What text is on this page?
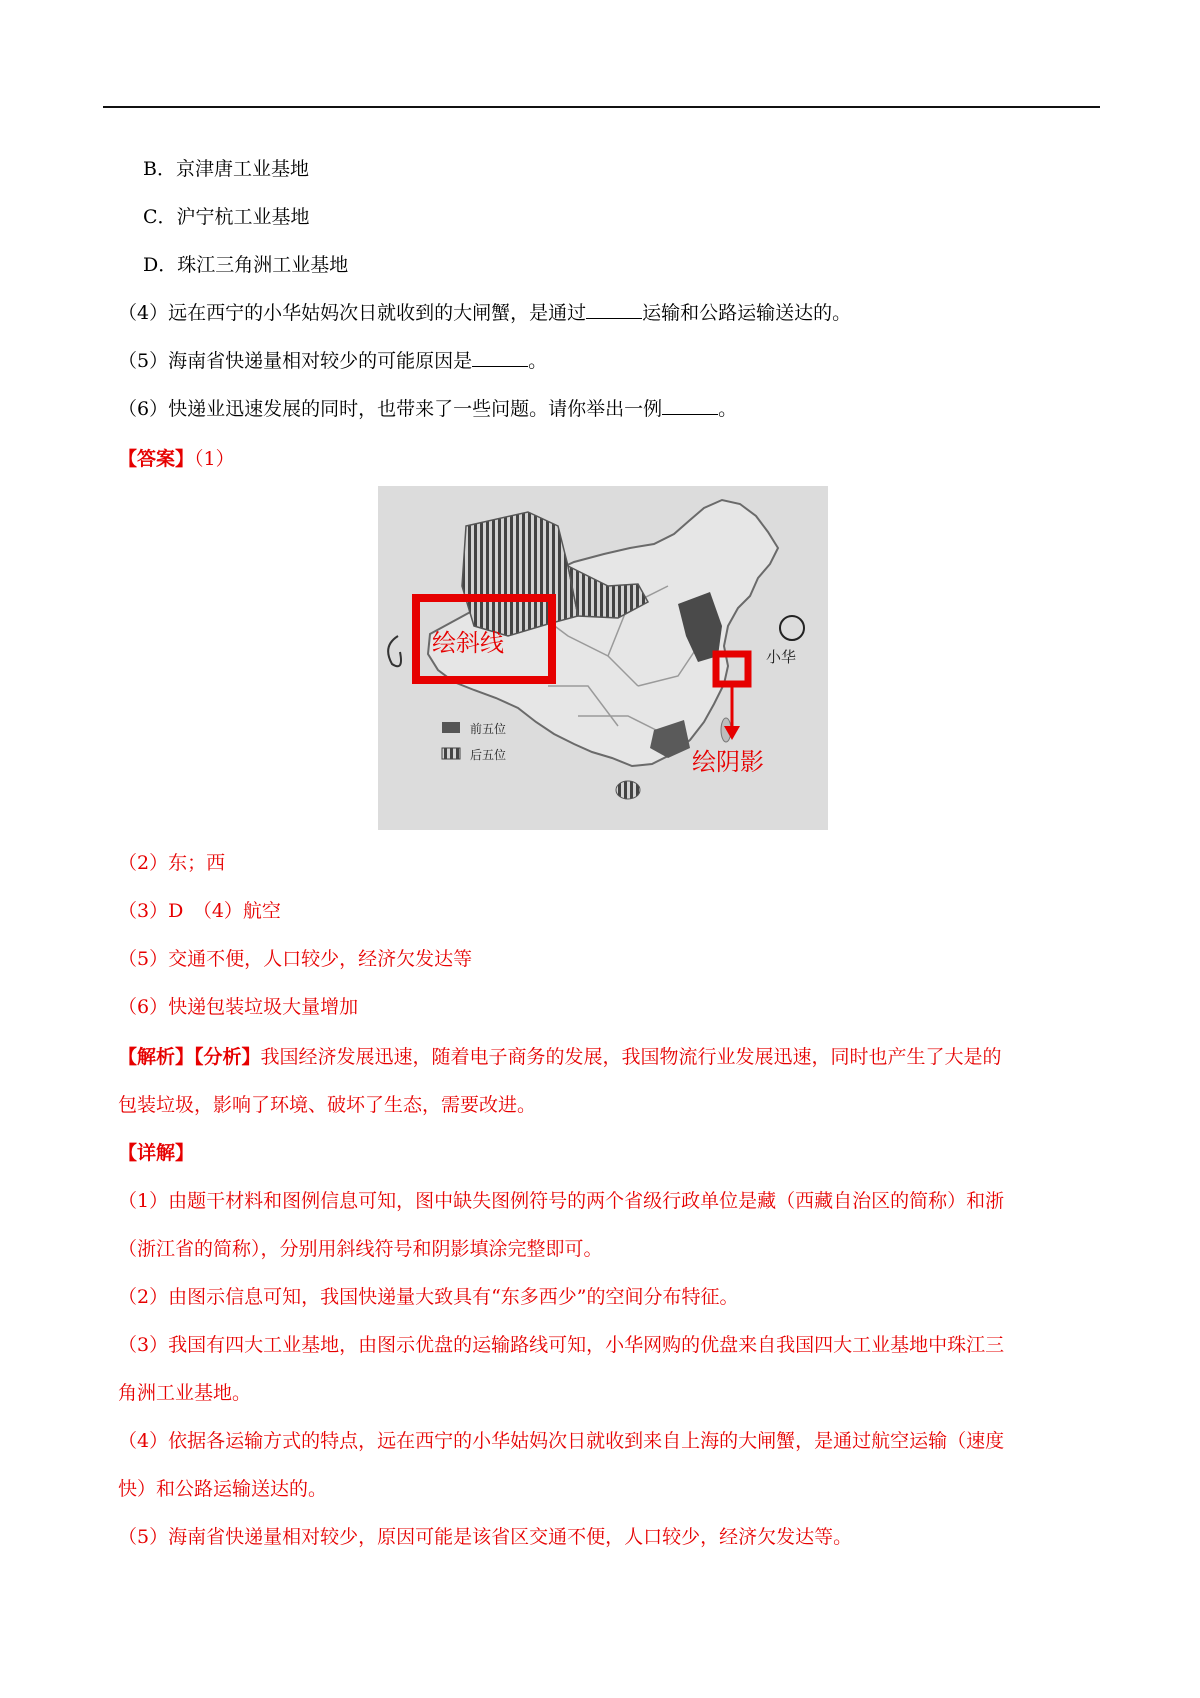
B．京津唐工业基地
C．沪宁杭工业基地
D．珠江三角洲工业基地
（4）远在西宁的小华姑妈次日就收到的大闸蟹，是通过	运输和公路运输送达的。
（5）海南省快递量相对较少的可能原因是	。
（6）快递业迅速发展的同时，也带来了一些问题。请你举出一例	。
【答案】（1）
绘斜线
绘阴影
小华
前五位
后五位
（2）东；西
（3）D　（4）航空
（5）交通不便，人口较少，经济欠发达等
（6）快递包装垃圾大量增加
【解析】【分析】我国经济发展迅速，随着电子商务的发展，我国物流行业发展迅速，同时也产生了大是的
包装垃圾，影响了环境、破坏了生态，需要改进。
【详解】
（1）由题干材料和图例信息可知，图中缺失图例符号的两个省级行政单位是藏（西藏自治区的简称）和浙
（浙江省的简称），分别用斜线符号和阴影填涂完整即可。
（2）由图示信息可知，我国快递量大致具有“东多西少”的空间分布特征。
（3）我国有四大工业基地，由图示优盘的运输路线可知，小华网购的优盘来自我国四大工业基地中珠江三
角洲工业基地。
（4）依据各运输方式的特点，远在西宁的小华姑妈次日就收到来自上海的大闸蟹，是通过航空运输（速度
快）和公路运输送达的。
（5）海南省快递量相对较少，原因可能是该省区交通不便，人口较少，经济欠发达等。
